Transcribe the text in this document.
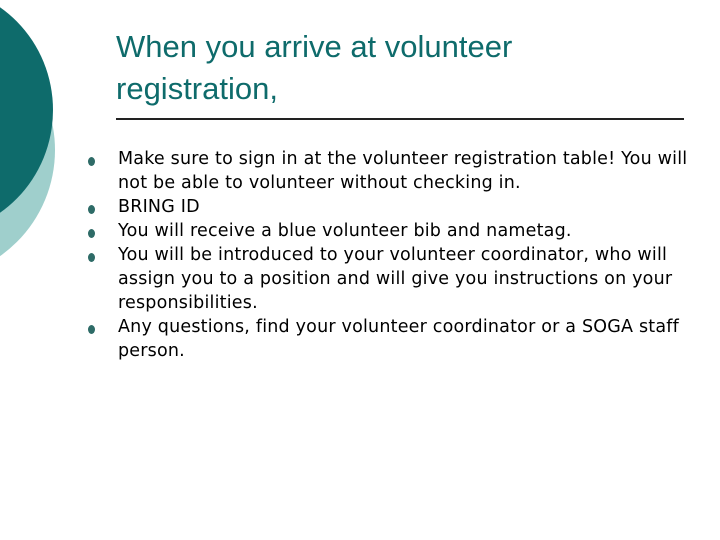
When you arrive at volunteer registration,
Make sure to sign in at the volunteer registration table! You will not be able to volunteer without checking in.
BRING ID
You will receive a blue volunteer bib and nametag.
You will be introduced to your volunteer coordinator, who will assign you to a position and will give you instructions on your responsibilities.
Any questions, find your volunteer coordinator or a SOGA staff person.
